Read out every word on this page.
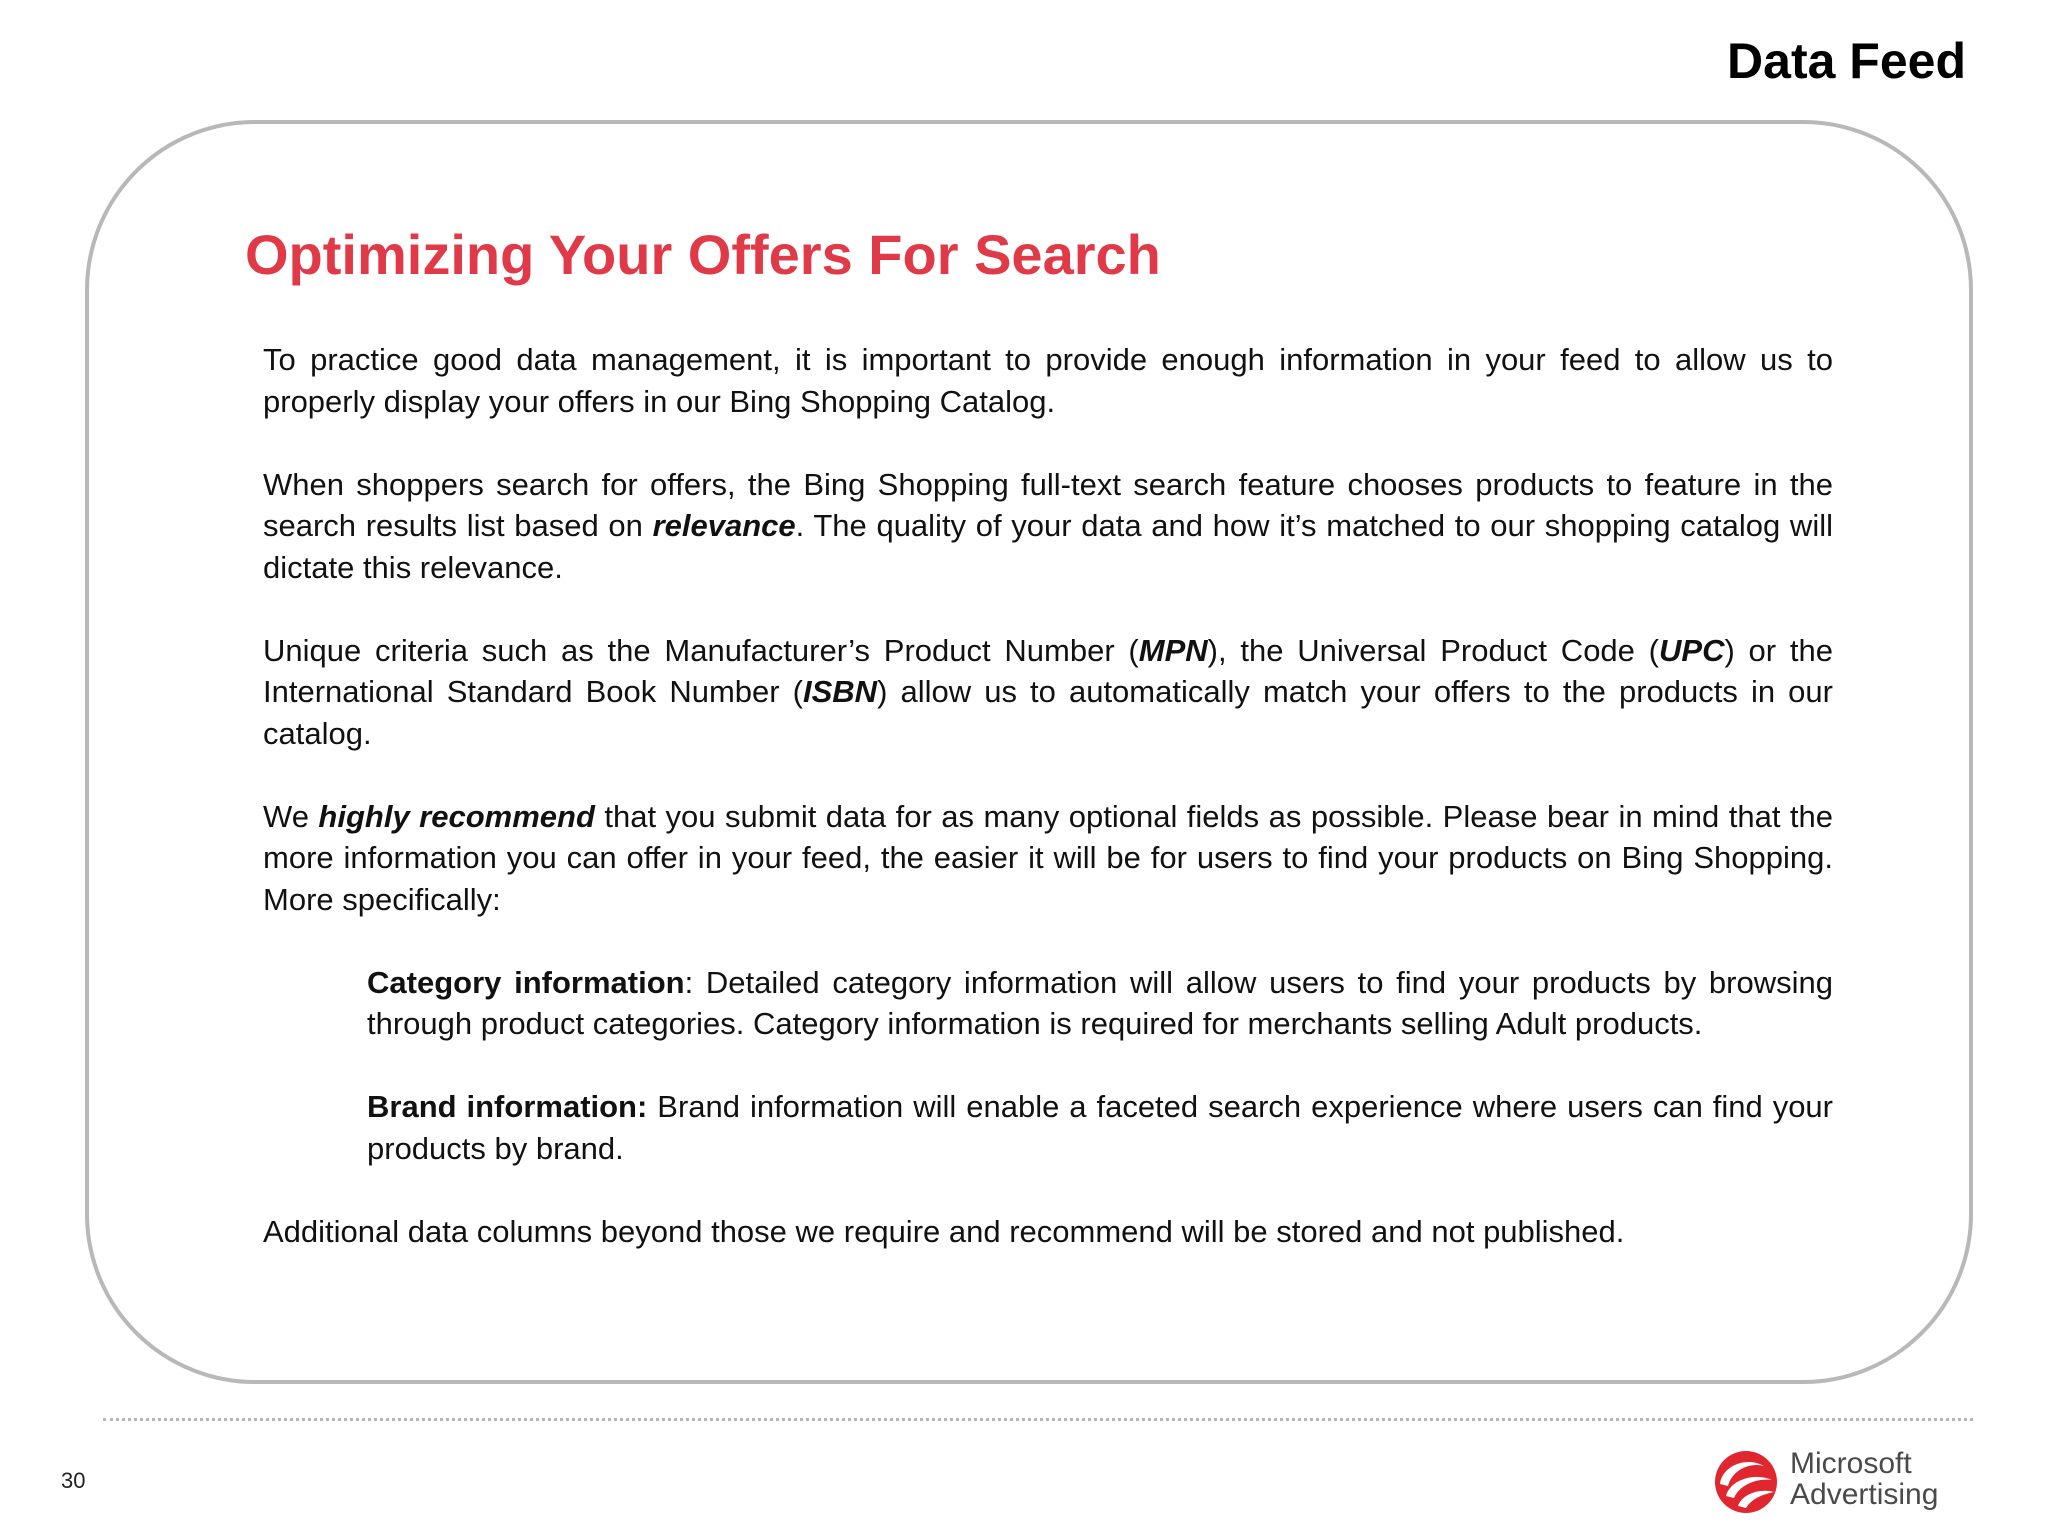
Data Feed
Optimizing Your Offers For Search

To practice good data management, it is important to provide enough information in your feed to allow us to properly display your offers in our Bing Shopping Catalog.

When shoppers search for offers, the Bing Shopping full-text search feature chooses products to feature in the search results list based on relevance. The quality of your data and how it’s matched to our shopping catalog will dictate this relevance.

Unique criteria such as the Manufacturer’s Product Number (MPN), the Universal Product Code (UPC) or the International Standard Book Number (ISBN) allow us to automatically match your offers to the products in our catalog.

We highly recommend that you submit data for as many optional fields as possible. Please bear in mind that the more information you can offer in your feed, the easier it will be for users to find your products on Bing Shopping. More specifically:

Category information: Detailed category information will allow users to find your products by browsing through product categories. Category information is required for merchants selling Adult products.

Brand information: Brand information will enable a faceted search experience where users can find your products by brand.

Additional data columns beyond those we require and recommend will be stored and not published.

30
Microsoft
Advertising
